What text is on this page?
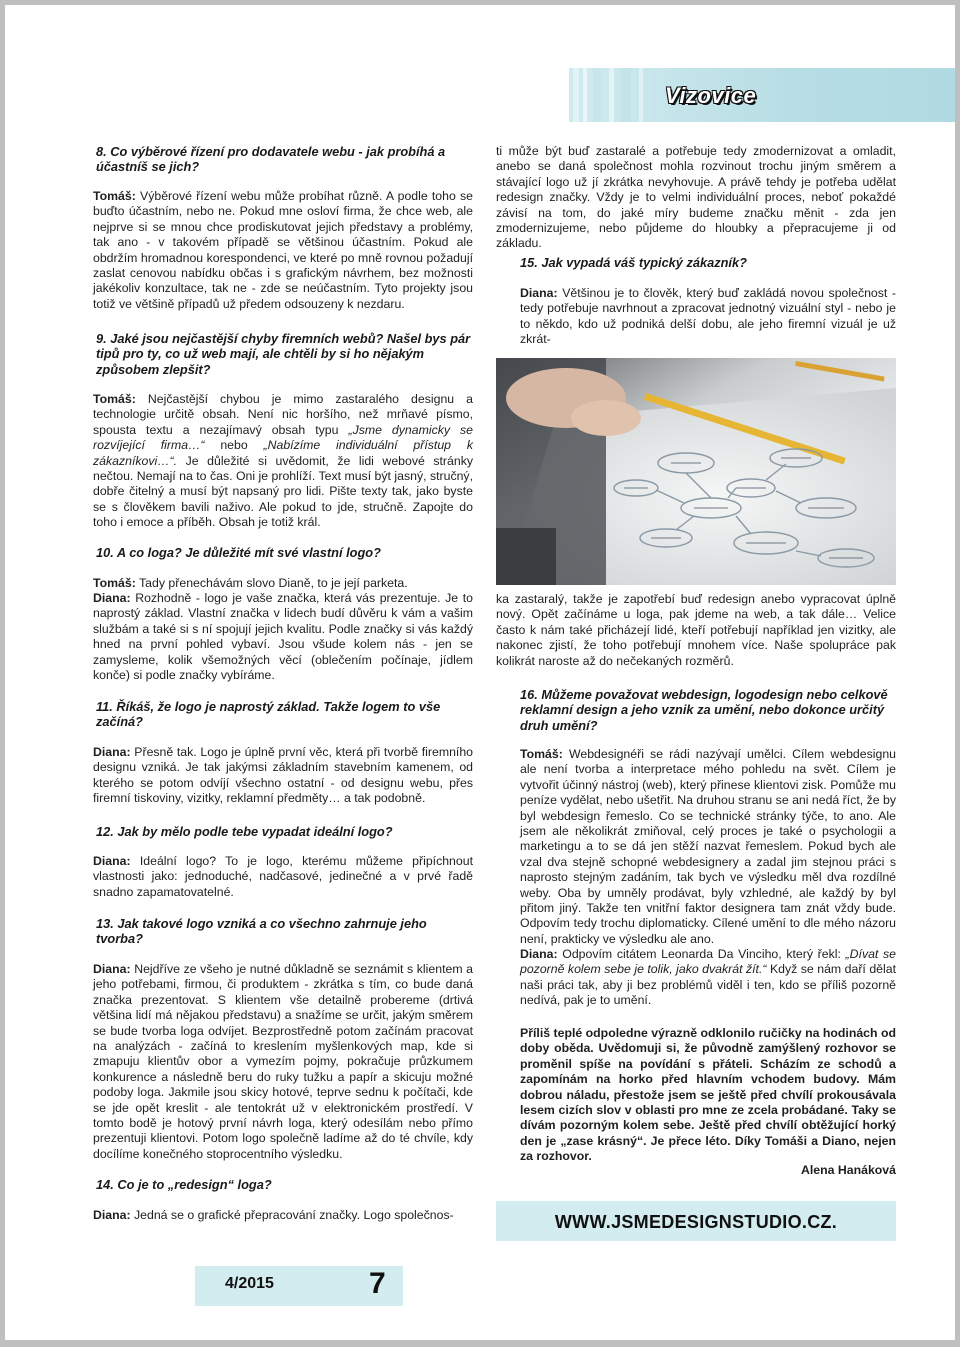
Vizovice

8. Co výběrové řízení pro dodavatele webu - jak probíhá a účastníš se jich?

Tomáš: Výběrové řízení webu může probíhat různě. A podle toho se buďto účastním, nebo ne. Pokud mne osloví firma, že chce web, ale nejprve si se mnou chce prodiskutovat jejich představy a problémy, tak ano - v takovém případě se většinou účastním. Pokud ale obdržím hromadnou korespondenci, ve které po mně rovnou požadují zaslat cenovou nabídku občas i s grafickým návrhem, bez možnosti jakékoliv konzultace, tak ne - zde se neúčastním. Tyto projekty jsou totiž ve většině případů už předem odsouzeny k nezdaru.

9. Jaké jsou nejčastější chyby firemních webů? Našel bys pár tipů pro ty, co už web mají, ale chtěli by si ho nějakým způsobem zlepšit?

Tomáš: Nejčastější chybou je mimo zastaralého designu a technologie určitě obsah. Není nic horšího, než mrňavé písmo, spousta textu a nezajímavý obsah typu „Jsme dynamicky se rozvíjející firma…“ nebo „Nabízíme individuální přístup k zákazníkovi…“. Je důležité si uvědomit, že lidi webové stránky nečtou. Nemají na to čas. Oni je prohlíží. Text musí být jasný, stručný, dobře čitelný a musí být napsaný pro lidi. Pište texty tak, jako byste se s člověkem bavili naživo. Ale pokud to jde, stručně. Zapojte do toho i emoce a příběh. Obsah je totiž král.

10. A co loga? Je důležité mít své vlastní logo?

Tomáš: Tady přenechávám slovo Dianě, to je její parketa.

Diana: Rozhodně - logo je vaše značka, která vás prezentuje. Je to naprostý základ. Vlastní značka v lidech budí důvěru k vám a vašim službám a také si s ní spojují jejich kvalitu. Podle značky si vás každý hned na první pohled vybaví. Jsou všude kolem nás - jen se zamysleme, kolik všemožných věcí (oblečením počínaje, jídlem konče) si podle značky vybíráme.

11. Říkáš, že logo je naprostý základ. Takže logem to vše začíná?

Diana: Přesně tak. Logo je úplně první věc, která při tvorbě firemního designu vzniká. Je tak jakýmsi základním stavebním kamenem, od kterého se potom odvíjí všechno ostatní - od designu webu, přes firemní tiskoviny, vizitky, reklamní předměty… a tak podobně.

12. Jak by mělo podle tebe vypadat ideální logo?

Diana: Ideální logo? To je logo, kterému můžeme připíchnout vlastnosti jako: jednoduché, nadčasové, jedinečné a v prvé řadě snadno zapamatovatelné.

13. Jak takové logo vzniká a co všechno zahrnuje jeho tvorba?

Diana: Nejdříve ze všeho je nutné důkladně se seznámit s klientem a jeho potřebami, firmou, či produktem - zkrátka s tím, co bude daná značka prezentovat. S klientem vše detailně probereme (drtivá většina lidí má nějakou představu) a snažíme se určit, jakým směrem se bude tvorba loga odvíjet. Bezprostředně potom začínám pracovat na analýzách - začíná to kreslením myšlenkových map, kde si zmapuju klientův obor a vymezím pojmy, pokračuje průzkumem konkurence a následně beru do ruky tužku a papír a skicuju možné podoby loga. Jakmile jsou skicy hotové, teprve sednu k počítači, kde se jde opět kreslit - ale tentokrát už v elektronickém prostředí. V tomto bodě je hotový první návrh loga, který odesílám nebo přímo prezentuji klientovi. Potom logo společně ladíme až do té chvíle, kdy docílíme konečného stoprocentního výsledku.

14. Co je to „redesign“ loga?

Diana: Jedná se o grafické přepracování značky. Logo společnos-

ti může být buď zastaralé a potřebuje tedy zmodernizovat a omladit, anebo se daná společnost mohla rozvinout trochu jiným směrem a stávající logo už jí zkrátka nevyhovuje. A právě tehdy je potřeba udělat redesign značky. Vždy je to velmi individuální proces, neboť pokaždé závisí na tom, do jaké míry budeme značku měnit - zda jen zmodernizujeme, nebo půjdeme do hloubky a přepracujeme ji od základu.

15. Jak vypadá váš typický zákazník?

Diana: Většinou je to člověk, který buď zakládá novou společnost - tedy potřebuje navrhnout a zpracovat jednotný vizuální styl - nebo je to někdo, kdo už podniká delší dobu, ale jeho firemní vizuál je už zkrát-

ka zastaralý, takže je zapotřebí buď redesign anebo vypracovat úplně nový. Opět začínáme u loga, pak jdeme na web, a tak dále… Velice často k nám také přicházejí lidé, kteří potřebují například jen vizitky, ale nakonec zjistí, že toho potřebují mnohem více. Naše spolupráce pak kolikrát naroste až do nečekaných rozměrů.

16. Můžeme považovat webdesign, logodesign nebo celkově reklamní design a jeho vznik za umění, nebo dokonce určitý druh umění?

Tomáš: Webdesignéři se rádi nazývají umělci. Cílem webdesignu ale není tvorba a interpretace mého pohledu na svět. Cílem je vytvořit účinný nástroj (web), který přinese klientovi zisk. Pomůže mu peníze vydělat, nebo ušetřit. Na druhou stranu se ani nedá říct, že by byl webdesign řemeslo. Co se technické stránky týče, to ano. Ale jsem ale několikrát zmiňoval, celý proces je také o psychologii a marketingu a to se dá jen stěží nazvat řemeslem. Pokud bych ale vzal dva stejně schopné webdesignery a zadal jim stejnou práci s naprosto stejným zadáním, tak bych ve výsledku měl dva rozdílné weby. Oba by umněly prodávat, byly vzhledné, ale každý by byl přitom jiný. Takže ten vnitřní faktor designera tam znát vždy bude. Odpovím tedy trochu diplomaticky. Cílené umění to dle mého názoru není, prakticky ve výsledku ale ano.

Diana: Odpovím citátem Leonarda Da Vinciho, který řekl: „Dívat se pozorně kolem sebe je tolik, jako dvakrát žít.“ Když se nám daří dělat naši práci tak, aby ji bez problémů viděl i ten, kdo se příliš pozorně nedívá, pak je to umění.

Příliš teplé odpoledne výrazně odklonilo ručičky na hodinách od doby oběda. Uvědomuji si, že původně zamýšlený rozhovor se proměnil spíše na povídání s přáteli. Scházím ze schodů a zapomínám na horko před hlavním vchodem budovy. Mám dobrou náladu, přestože jsem se ještě před chvílí prokousávala lesem cizích slov v oblasti pro mne ze zcela probádané. Taky se dívám pozorným kolem sebe. Ještě před chvílí obtěžující horký den je „zase krásný“. Je přece léto. Díky Tomáši a Diano, nejen za rozhovor.

Alena Hanáková

WWW.JSMEDESIGNSTUDIO.CZ.
4/2015	7
